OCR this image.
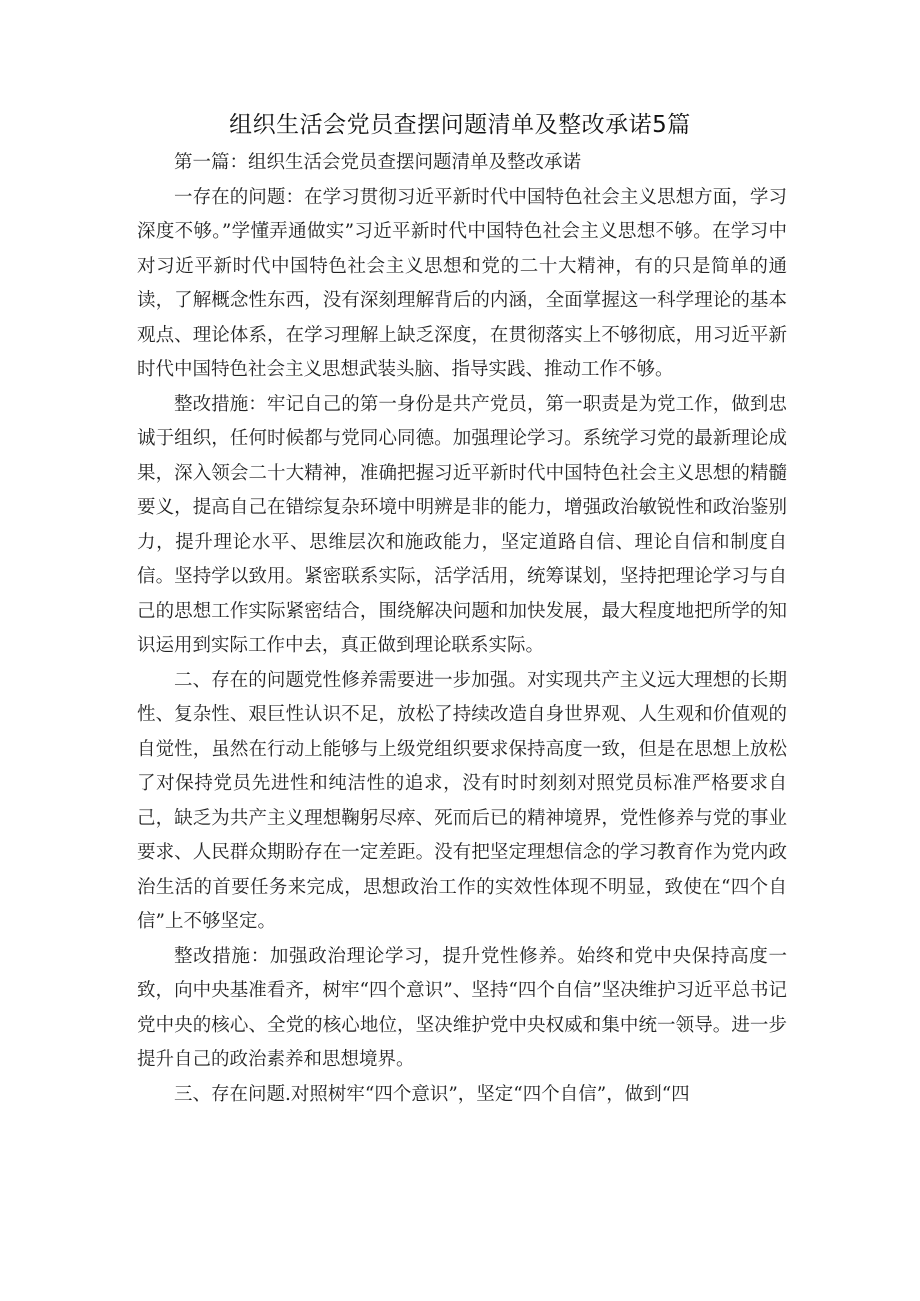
组织生活会党员查摆问题清单及整改承诺5篇

第一篇：组织生活会党员查摆问题清单及整改承诺

一存在的问题：在学习贯彻习近平新时代中国特色社会主义思想方面，学习深度不够。”学懂弄通做实”习近平新时代中国特色社会主义思想不够。在学习中对习近平新时代中国特色社会主义思想和党的二十大精神，有的只是简单的通读，了解概念性东西，没有深刻理解背后的内涵，全面掌握这一科学理论的基本观点、理论体系，在学习理解上缺乏深度，在贯彻落实上不够彻底，用习近平新时代中国特色社会主义思想武装头脑、指导实践、推动工作不够。

整改措施：牢记自己的第一身份是共产党员，第一职责是为党工作，做到忠诚于组织，任何时候都与党同心同德。加强理论学习。系统学习党的最新理论成果，深入领会二十大精神，准确把握习近平新时代中国特色社会主义思想的精髓要义，提高自己在错综复杂环境中明辨是非的能力，增强政治敏锐性和政治鉴别力，提升理论水平、思维层次和施政能力，坚定道路自信、理论自信和制度自信。坚持学以致用。紧密联系实际，活学活用，统筹谋划，坚持把理论学习与自己的思想工作实际紧密结合，围绕解决问题和加快发展，最大程度地把所学的知识运用到实际工作中去，真正做到理论联系实际。

二、存在的问题党性修养需要进一步加强。对实现共产主义远大理想的长期性、复杂性、艰巨性认识不足，放松了持续改造自身世界观、人生观和价值观的自觉性，虽然在行动上能够与上级党组织要求保持高度一致，但是在思想上放松了对保持党员先进性和纯洁性的追求，没有时时刻刻对照党员标准严格要求自己，缺乏为共产主义理想鞠躬尽瘁、死而后已的精神境界，党性修养与党的事业要求、人民群众期盼存在一定差距。没有把坚定理想信念的学习教育作为党内政治生活的首要任务来完成，思想政治工作的实效性体现不明显，致使在“四个自信”上不够坚定。

整改措施：加强政治理论学习，提升党性修养。始终和党中央保持高度一致，向中央基准看齐，树牢“四个意识”、坚持“四个自信”坚决维护习近平总书记党中央的核心、全党的核心地位，坚决维护党中央权威和集中统一领导。进一步提升自己的政治素养和思想境界。

三、存在问题.对照树牢“四个意识”，坚定“四个自信”，做到“四
